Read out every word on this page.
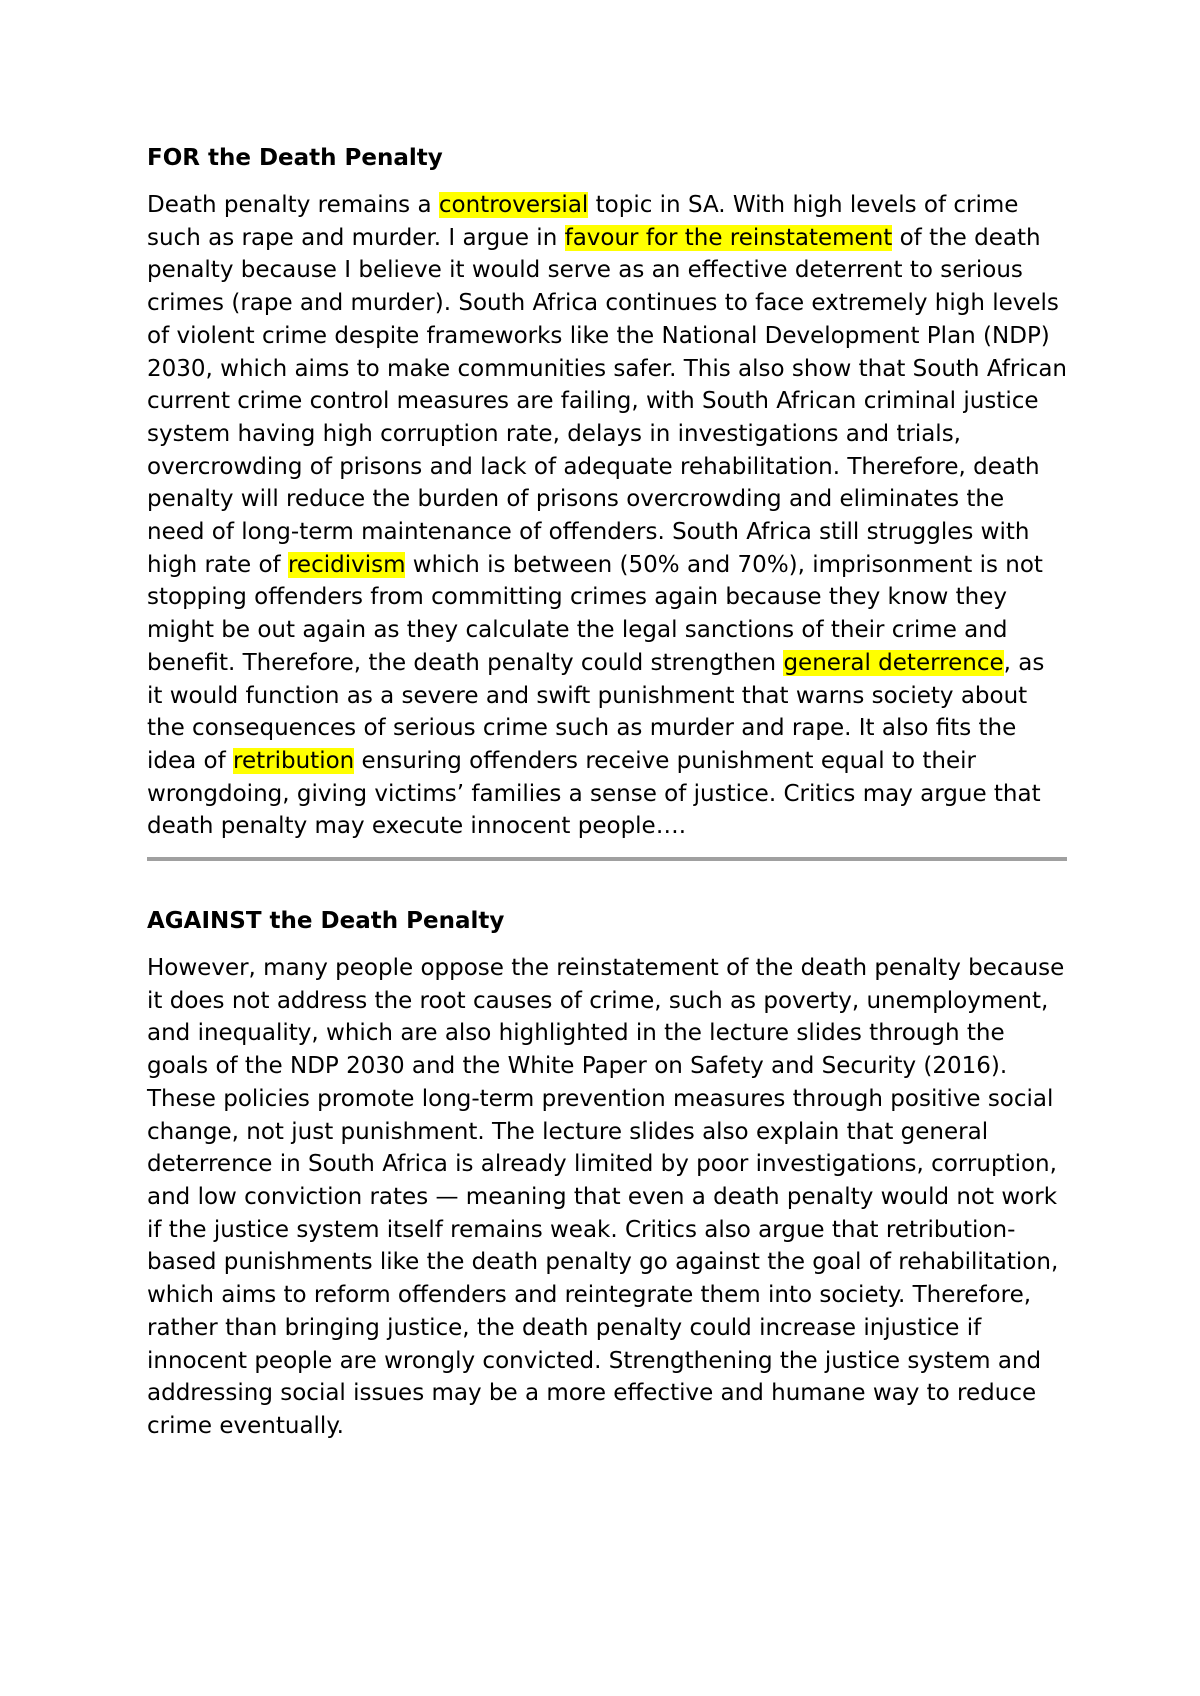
FOR the Death Penalty

Death penalty remains a controversial topic in SA. With high levels of crime such as rape and murder. I argue in favour for the reinstatement of the death penalty because I believe it would serve as an effective deterrent to serious crimes (rape and murder). South Africa continues to face extremely high levels of violent crime despite frameworks like the National Development Plan (NDP) 2030, which aims to make communities safer. This also show that South African current crime control measures are failing, with South African criminal justice system having high corruption rate, delays in investigations and trials, overcrowding of prisons and lack of adequate rehabilitation. Therefore, death penalty will reduce the burden of prisons overcrowding and eliminates the need of long-term maintenance of offenders. South Africa still struggles with high rate of recidivism which is between (50% and 70%), imprisonment is not stopping offenders from committing crimes again because they know they might be out again as they calculate the legal sanctions of their crime and benefit. Therefore, the death penalty could strengthen general deterrence, as it would function as a severe and swift punishment that warns society about the consequences of serious crime such as murder and rape. It also fits the idea of retribution ensuring offenders receive punishment equal to their wrongdoing, giving victims’ families a sense of justice. Critics may argue that death penalty may execute innocent people….

AGAINST the Death Penalty

However, many people oppose the reinstatement of the death penalty because it does not address the root causes of crime, such as poverty, unemployment, and inequality, which are also highlighted in the lecture slides through the goals of the NDP 2030 and the White Paper on Safety and Security (2016). These policies promote long-term prevention measures through positive social change, not just punishment. The lecture slides also explain that general deterrence in South Africa is already limited by poor investigations, corruption, and low conviction rates — meaning that even a death penalty would not work if the justice system itself remains weak. Critics also argue that retribution-based punishments like the death penalty go against the goal of rehabilitation, which aims to reform offenders and reintegrate them into society. Therefore, rather than bringing justice, the death penalty could increase injustice if innocent people are wrongly convicted. Strengthening the justice system and addressing social issues may be a more effective and humane way to reduce crime eventually.
